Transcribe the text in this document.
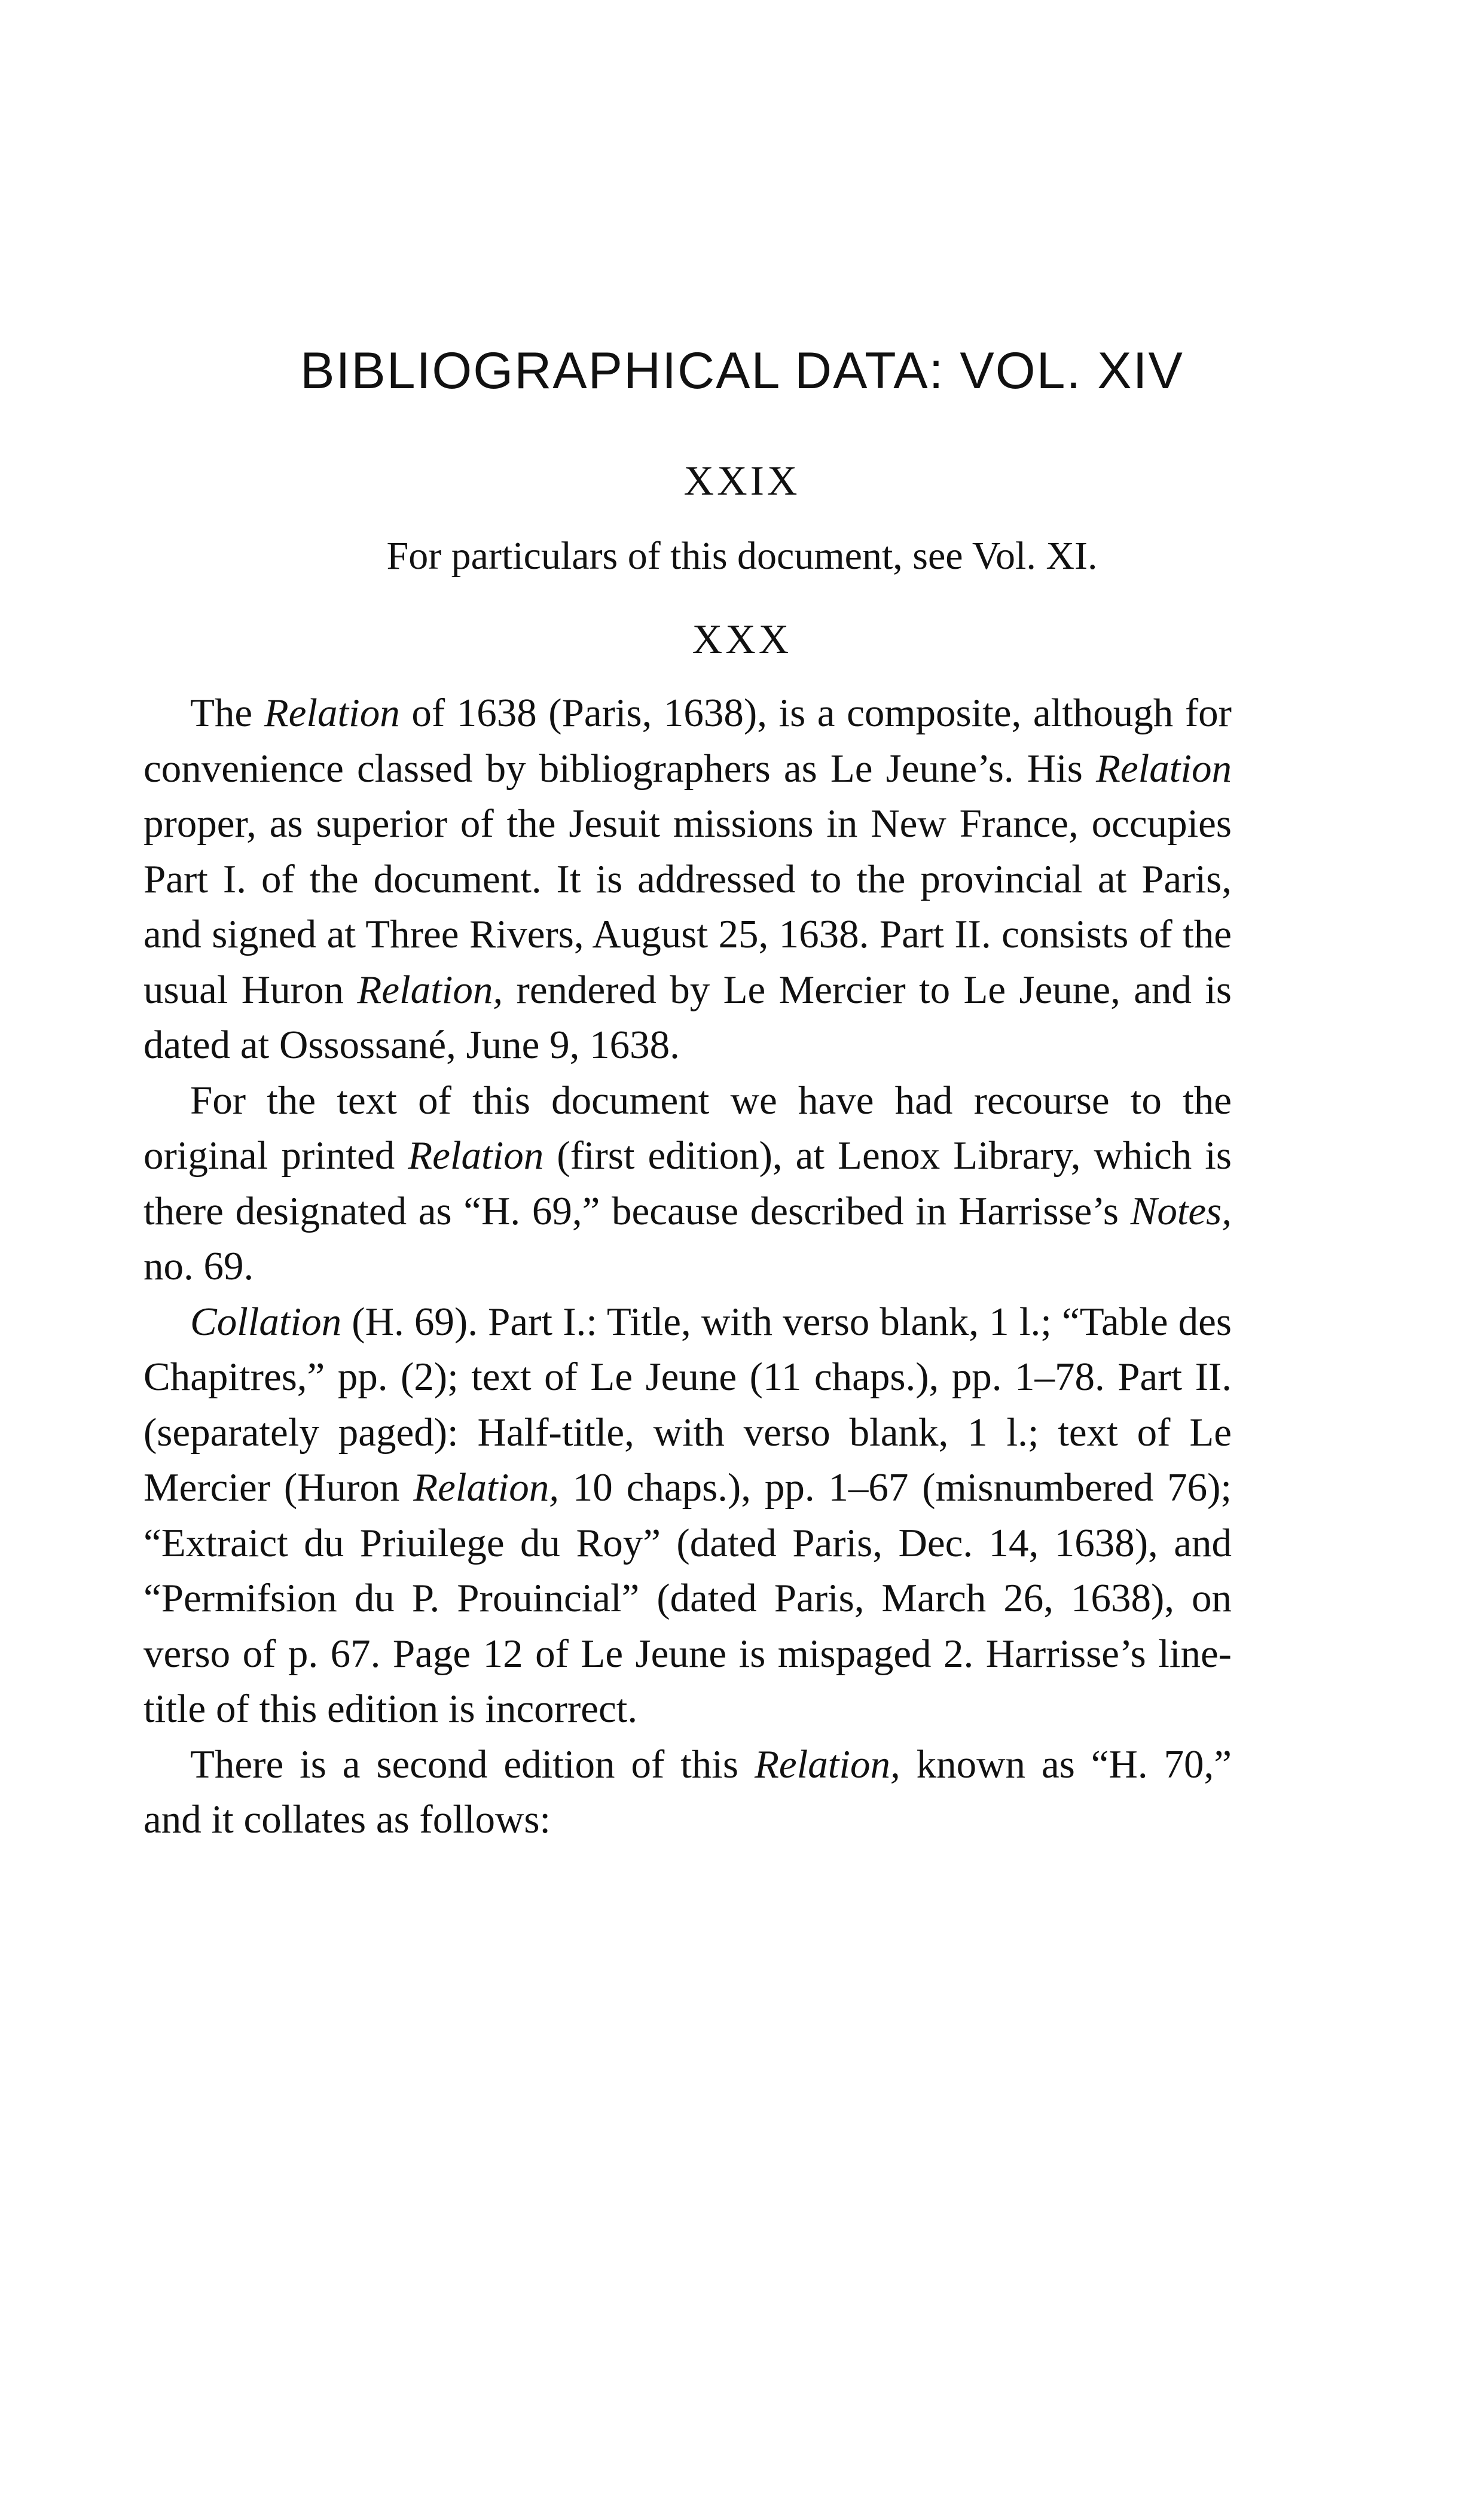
BIBLIOGRAPHICAL DATA: VOL. XIV
XXIX

For particulars of this document, see Vol. XI.

XXX

The Relation of 1638 (Paris, 1638), is a composite, although for convenience classed by bibliographers as Le Jeune’s. His Relation proper, as superior of the Jesuit missions in New France, occupies Part I. of the document. It is addressed to the provincial at Paris, and signed at Three Rivers, August 25, 1638. Part II. consists of the usual Huron Relation, rendered by Le Mercier to Le Jeune, and is dated at Ossossané, June 9, 1638.

For the text of this document we have had recourse to the original printed Relation (first edition), at Lenox Library, which is there designated as “H. 69,” because described in Harrisse’s Notes, no. 69.

Collation (H. 69). Part I.: Title, with verso blank, 1 l.; “Table des Chapitres,” pp. (2); text of Le Jeune (11 chaps.), pp. 1–78. Part II. (separately paged): Half-title, with verso blank, 1 l.; text of Le Mercier (Huron Relation, 10 chaps.), pp. 1–67 (misnumbered 76); “Extraict du Priuilege du Roy” (dated Paris, Dec. 14, 1638), and “Permifsion du P. Prouincial” (dated Paris, March 26, 1638), on verso of p. 67. Page 12 of Le Jeune is mispaged 2. Harrisse’s line-title of this edition is incorrect.

There is a second edition of this Relation, known as “H. 70,” and it collates as follows:
